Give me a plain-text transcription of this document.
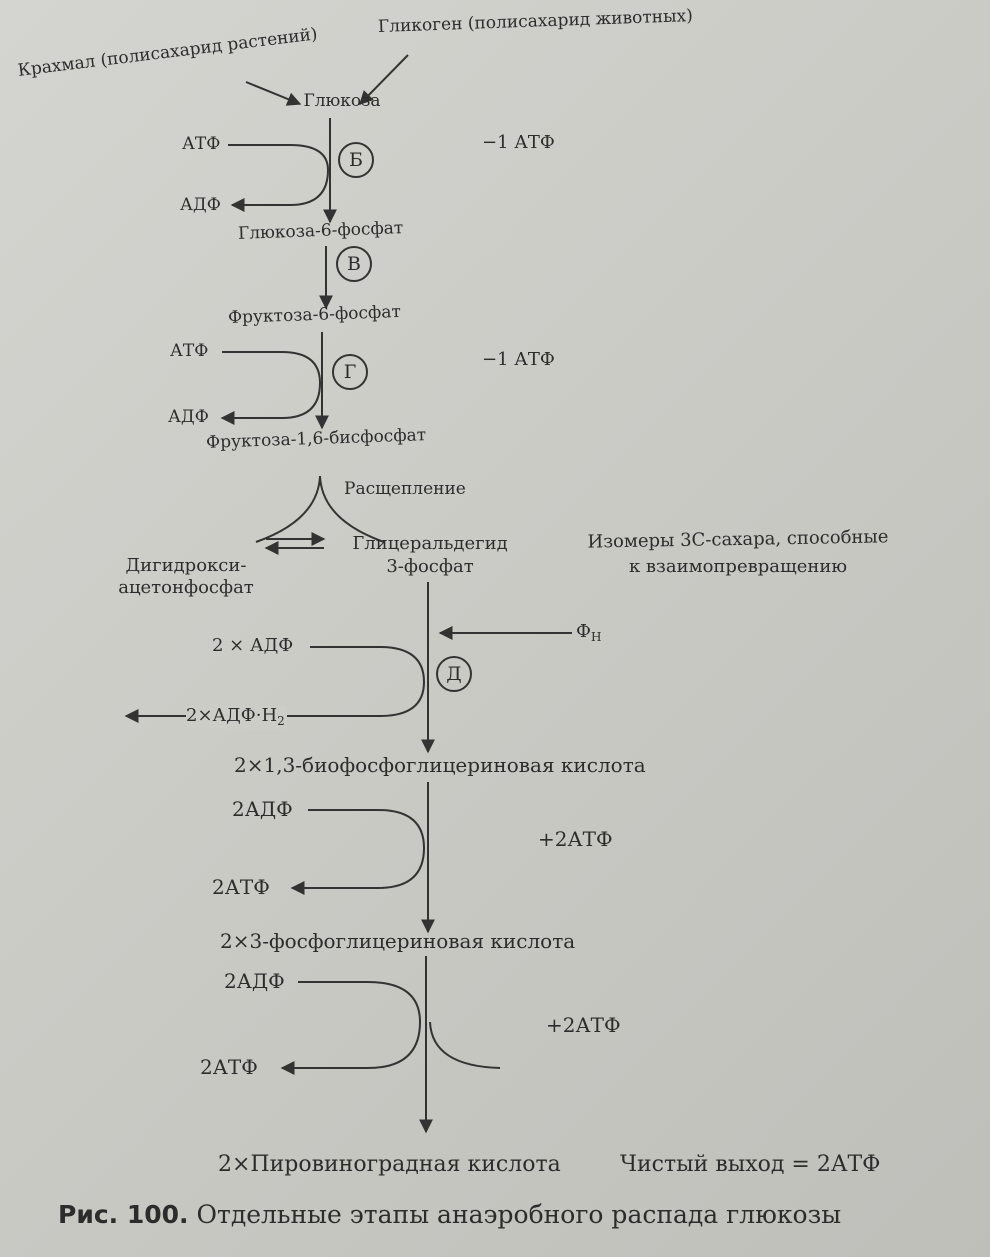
Крахмал (полисахарид растений)
Гликоген (полисахарид животных)
Глюкоза
Глюкоза-6-фосфат
Фруктоза-6-фосфат
Фруктоза-1,6-бисфосфат
Дигидрокси-
ацетонфосфат
Глицеральдегид
3-фосфат
2×1,3-биофосфоглицериновая кислота
2×3-фосфоглицериновая кислота
2×Пировиноградная кислота
АТФ
АДФ
АТФ
АДФ
2 × АДФ
$2\times АДФ\cdot Н_2$
$Ф_Н$
2АДФ
2АТФ
2АДФ
2АТФ
Расщепление
Изомеры 3С-сахара, способные
к взаимопревращению
Б
В
Г
Д
−1 АТФ
−1 АТФ
+2АТФ
+2АТФ
Чистый выход = 2АТФ
Рис. 100. Отдельные этапы анаэробного распада глюкозы
